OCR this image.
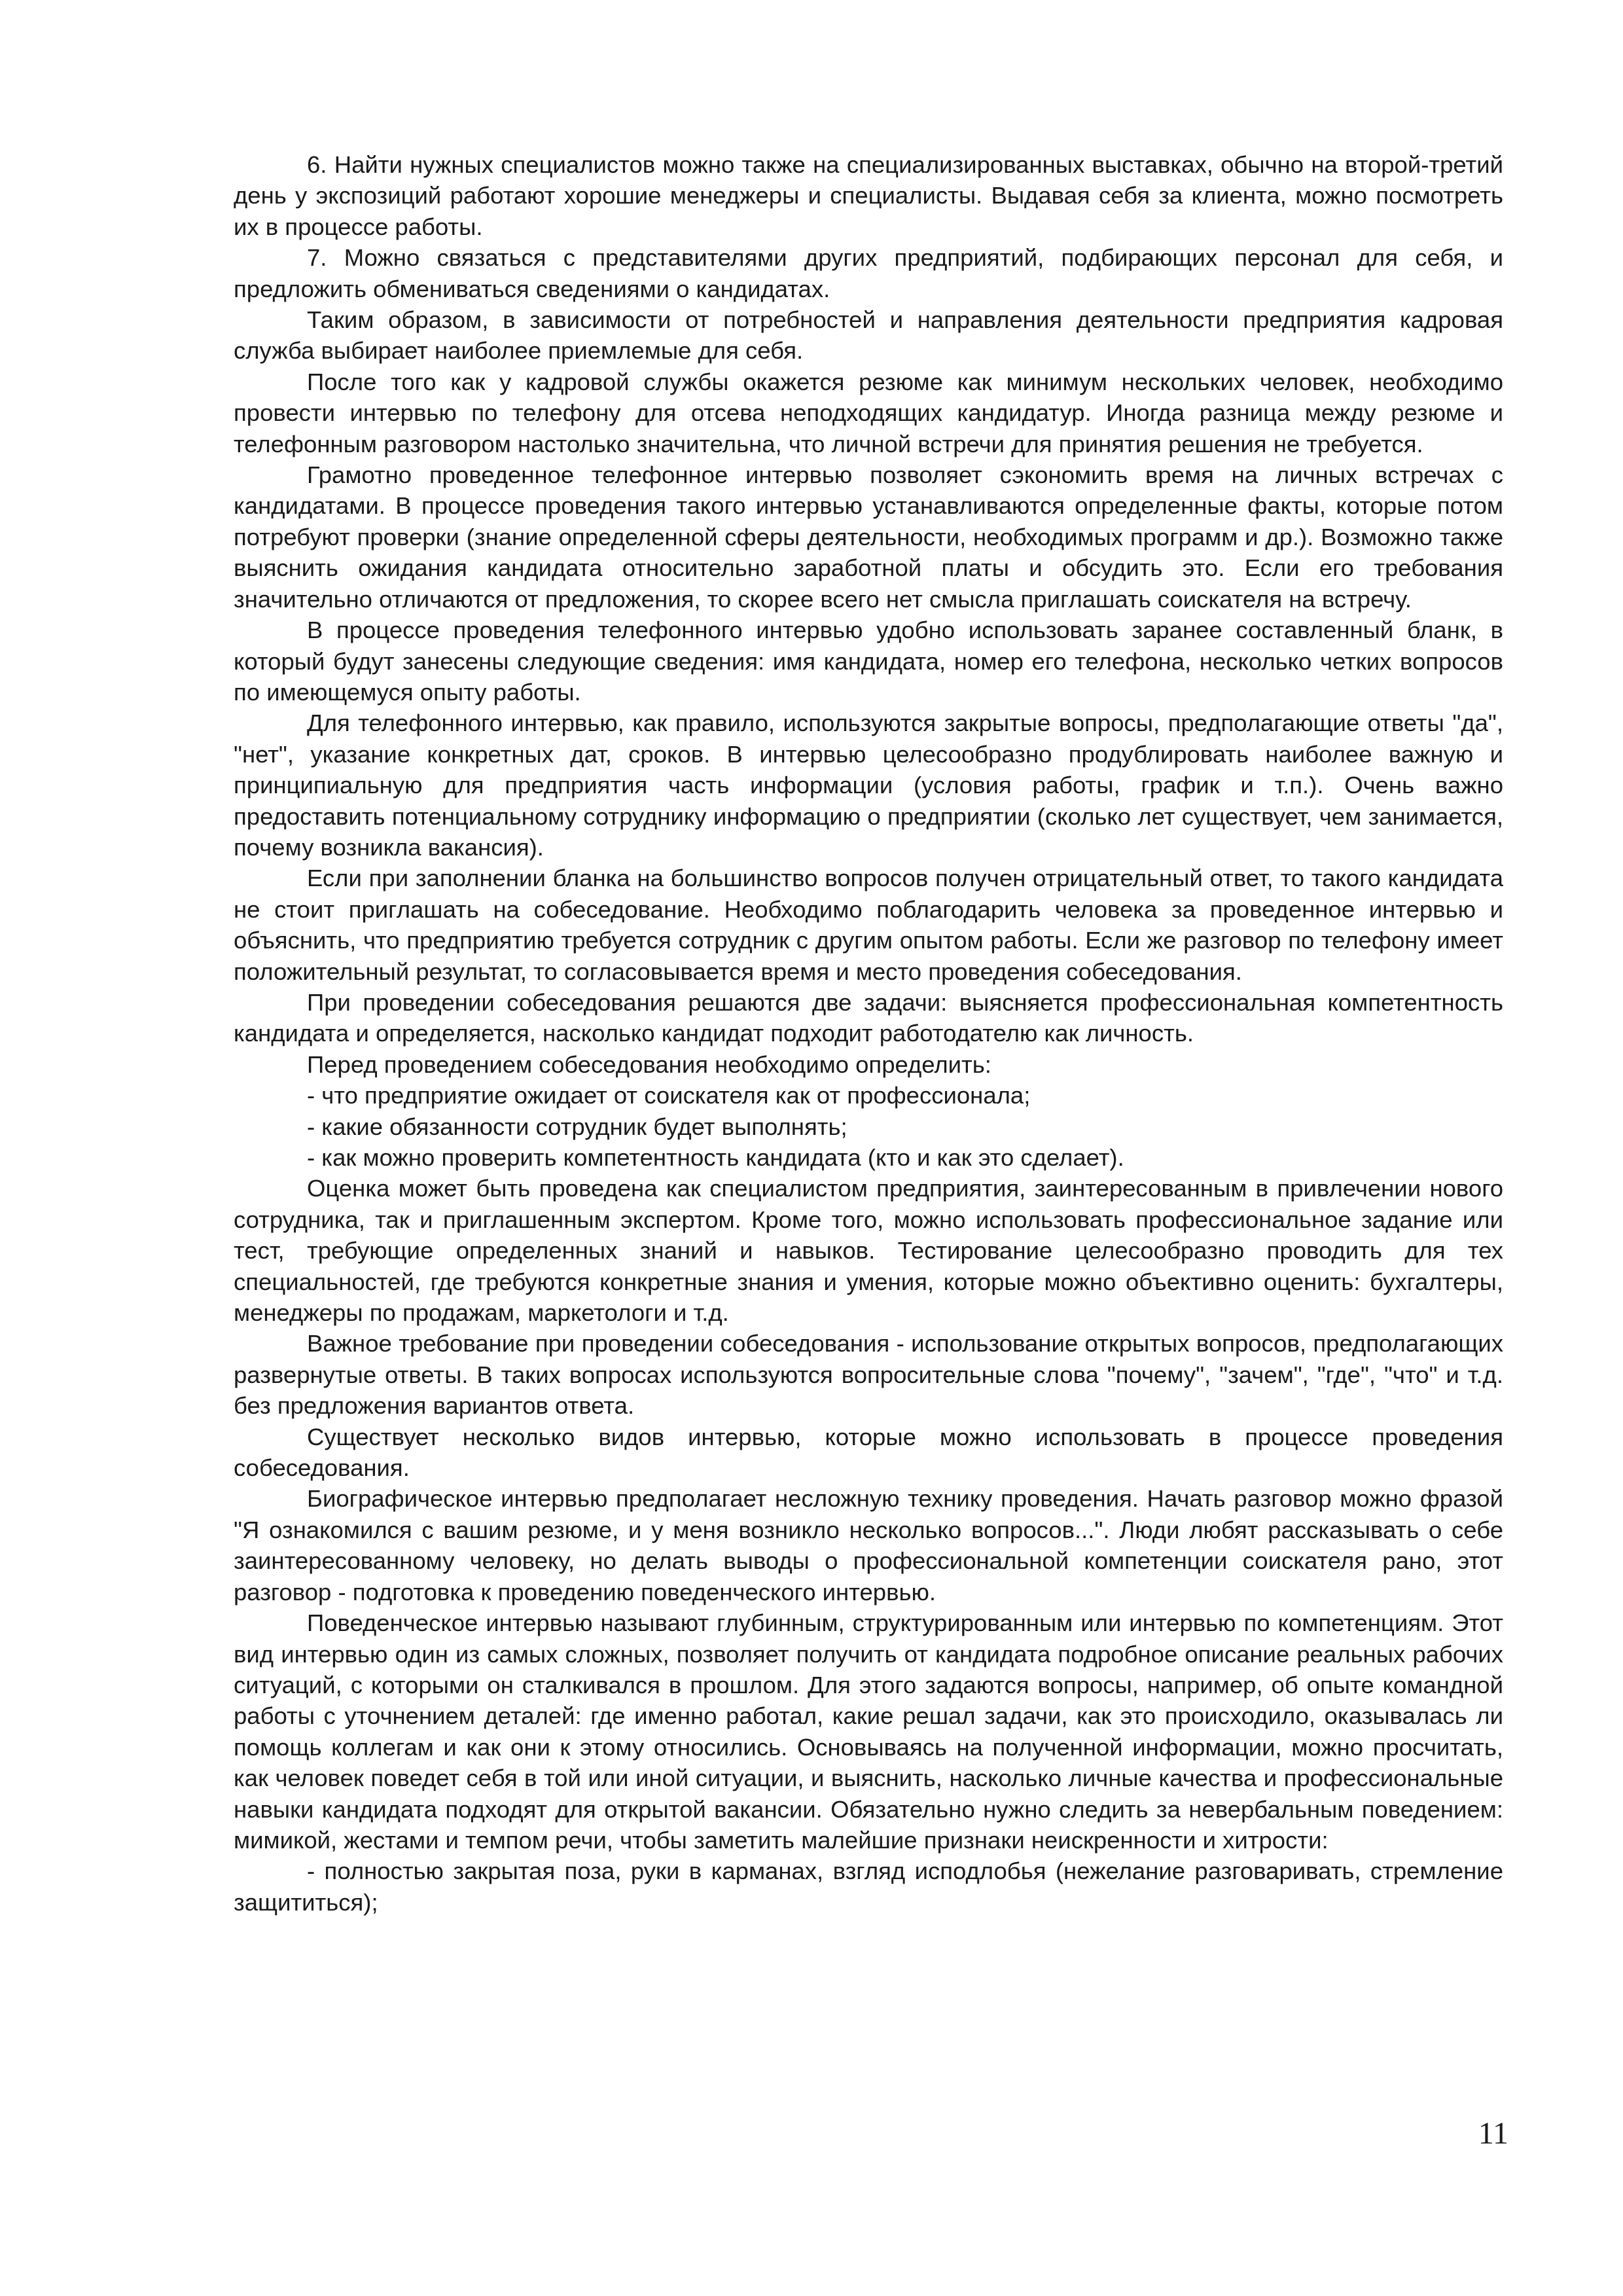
6. Найти нужных специалистов можно также на специализированных выставках, обычно на второй-третий день у экспозиций работают хорошие менеджеры и специалисты. Выдавая себя за клиента, можно посмотреть их в процессе работы.

7. Можно связаться с представителями других предприятий, подбирающих персонал для себя, и предложить обмениваться сведениями о кандидатах.

Таким образом, в зависимости от потребностей и направления деятельности предприятия кадровая служба выбирает наиболее приемлемые для себя.

После того как у кадровой службы окажется резюме как минимум нескольких человек, необходимо провести интервью по телефону для отсева неподходящих кандидатур. Иногда разница между резюме и телефонным разговором настолько значительна, что личной встречи для принятия решения не требуется.

Грамотно проведенное телефонное интервью позволяет сэкономить время на личных встречах с кандидатами. В процессе проведения такого интервью устанавливаются определенные факты, которые потом потребуют проверки (знание определенной сферы деятельности, необходимых программ и др.). Возможно также выяснить ожидания кандидата относительно заработной платы и обсудить это. Если его требования значительно отличаются от предложения, то скорее всего нет смысла приглашать соискателя на встречу.

В процессе проведения телефонного интервью удобно использовать заранее составленный бланк, в который будут занесены следующие сведения: имя кандидата, номер его телефона, несколько четких вопросов по имеющемуся опыту работы.

Для телефонного интервью, как правило, используются закрытые вопросы, предполагающие ответы "да", "нет", указание конкретных дат, сроков. В интервью целесообразно продублировать наиболее важную и принципиальную для предприятия часть информации (условия работы, график и т.п.). Очень важно предоставить потенциальному сотруднику информацию о предприятии (сколько лет существует, чем занимается, почему возникла вакансия).

Если при заполнении бланка на большинство вопросов получен отрицательный ответ, то такого кандидата не стоит приглашать на собеседование. Необходимо поблагодарить человека за проведенное интервью и объяснить, что предприятию требуется сотрудник с другим опытом работы. Если же разговор по телефону имеет положительный результат, то согласовывается время и место проведения собеседования.

При проведении собеседования решаются две задачи: выясняется профессиональная компетентность кандидата и определяется, насколько кандидат подходит работодателю как личность.

Перед проведением собеседования необходимо определить:

- что предприятие ожидает от соискателя как от профессионала;

- какие обязанности сотрудник будет выполнять;

- как можно проверить компетентность кандидата (кто и как это сделает).

Оценка может быть проведена как специалистом предприятия, заинтересованным в привлечении нового сотрудника, так и приглашенным экспертом. Кроме того, можно использовать профессиональное задание или тест, требующие определенных знаний и навыков. Тестирование целесообразно проводить для тех специальностей, где требуются конкретные знания и умения, которые можно объективно оценить: бухгалтеры, менеджеры по продажам, маркетологи и т.д.

Важное требование при проведении собеседования - использование открытых вопросов, предполагающих развернутые ответы. В таких вопросах используются вопросительные слова "почему", "зачем", "где", "что" и т.д. без предложения вариантов ответа.

Существует несколько видов интервью, которые можно использовать в процессе проведения собеседования.

Биографическое интервью предполагает несложную технику проведения. Начать разговор можно фразой "Я ознакомился с вашим резюме, и у меня возникло несколько вопросов...". Люди любят рассказывать о себе заинтересованному человеку, но делать выводы о профессиональной компетенции соискателя рано, этот разговор - подготовка к проведению поведенческого интервью.

Поведенческое интервью называют глубинным, структурированным или интервью по компетенциям. Этот вид интервью один из самых сложных, позволяет получить от кандидата подробное описание реальных рабочих ситуаций, с которыми он сталкивался в прошлом. Для этого задаются вопросы, например, об опыте командной работы с уточнением деталей: где именно работал, какие решал задачи, как это происходило, оказывалась ли помощь коллегам и как они к этому относились. Основываясь на полученной информации, можно просчитать, как человек поведет себя в той или иной ситуации, и выяснить, насколько личные качества и профессиональные навыки кандидата подходят для открытой вакансии. Обязательно нужно следить за невербальным поведением: мимикой, жестами и темпом речи, чтобы заметить малейшие признаки неискренности и хитрости:

- полностью закрытая поза, руки в карманах, взгляд исподлобья (нежелание разговаривать, стремление защититься);

11
